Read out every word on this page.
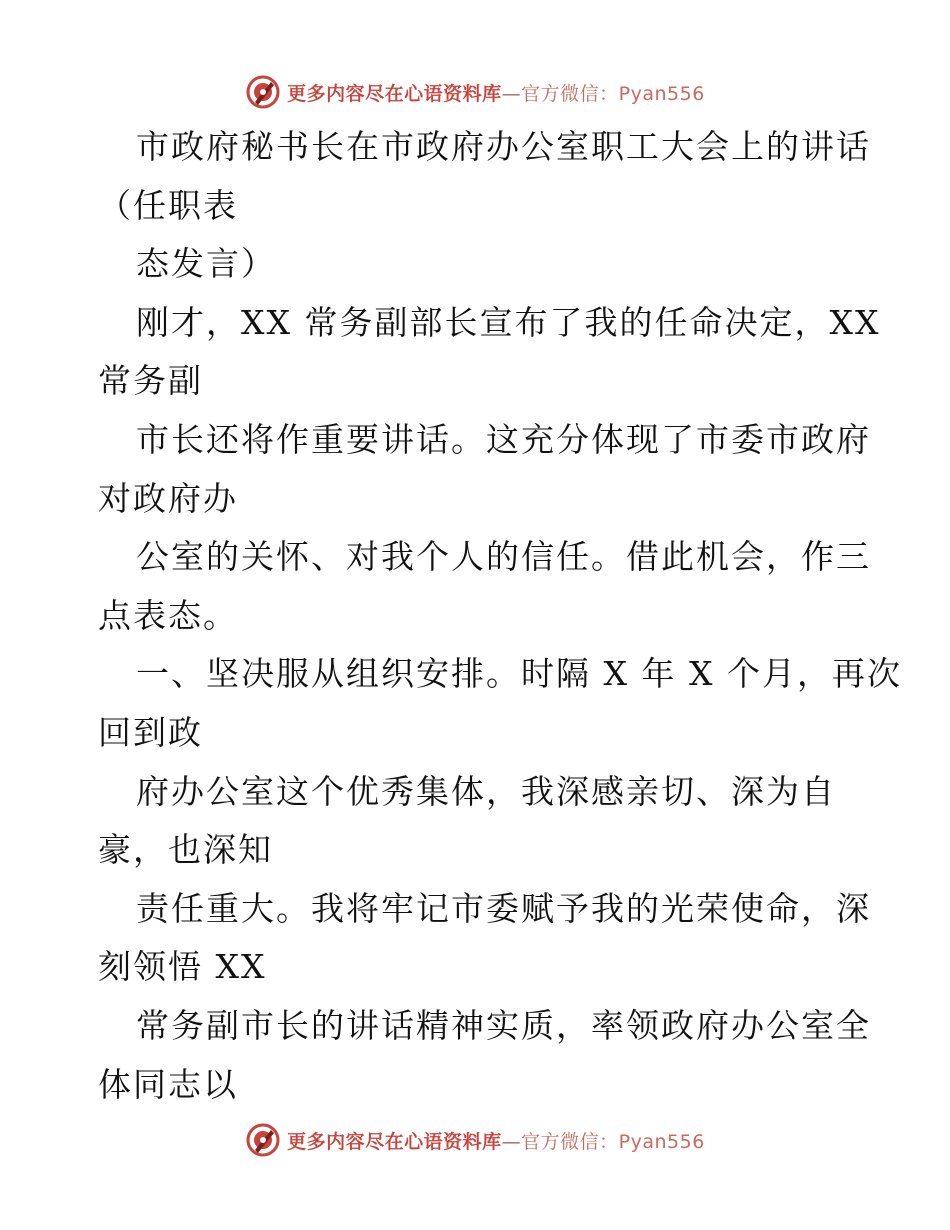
更多内容尽在心语资料库—官方微信：Pyan556
市政府秘书长在市政府办公室职工大会上的讲话
（任职表
态发言）
刚才，XX 常务副部长宣布了我的任命决定，XX
常务副
市长还将作重要讲话。这充分体现了市委市政府
对政府办
公室的关怀、对我个人的信任。借此机会，作三
点表态。
一、坚决服从组织安排。时隔 X 年 X 个月，再次
回到政
府办公室这个优秀集体，我深感亲切、深为自
豪，也深知
责任重大。我将牢记市委赋予我的光荣使命，深
刻领悟 XX
常务副市长的讲话精神实质，率领政府办公室全
体同志以
更多内容尽在心语资料库—官方微信：Pyan556
